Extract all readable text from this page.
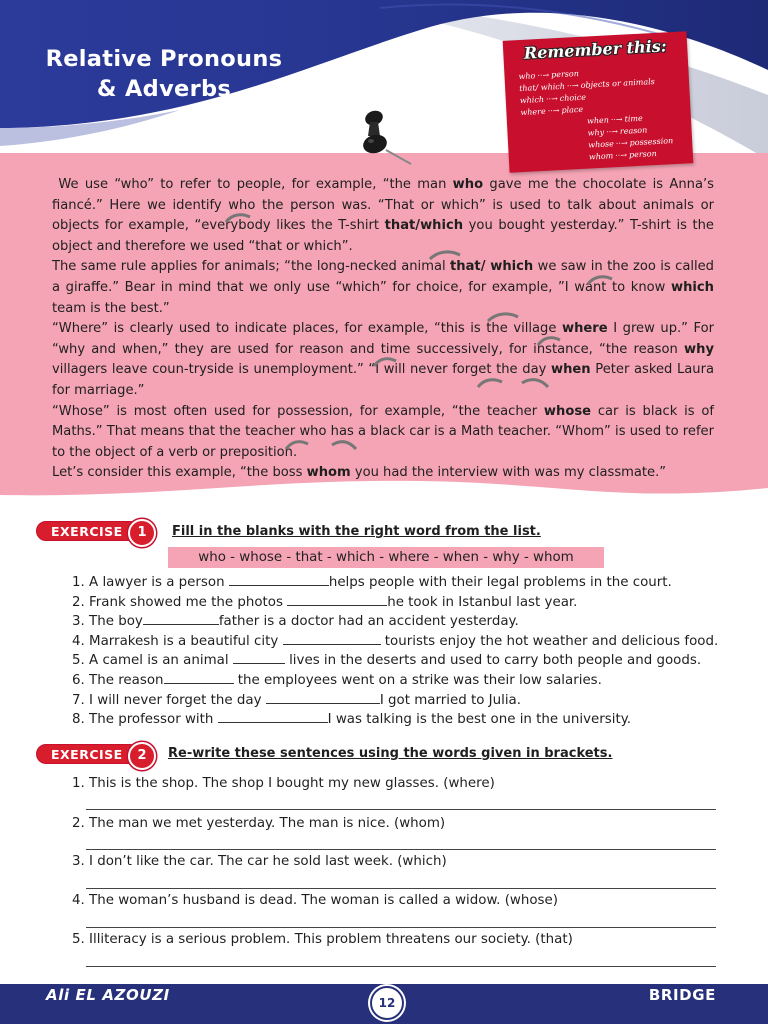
Relative Pronouns
& Adverbs
Remember this:
who ··→ person
that/ which ··→ objects or animals
which ··→ choice
where ··→ place
when ··→ time
why ··→ reason
whose ··→ possession
whom ··→ person

We use “who” to refer to people, for example, “the man who gave me the chocolate is Anna’s fiancé.” Here we identify who the person was. “That or which” is used to talk about animals or objects for example, “everybody likes the T-shirt that/which you bought yesterday.” T-shirt is the object and therefore we used “that or which”.

The same rule applies for animals; “the long-necked animal that/ which we saw in the zoo is called a giraffe.” Bear in mind that we only use “which” for choice, for example, ”I want to know which team is the best.”

“Where” is clearly used to indicate places, for example, “this is the village where I grew up.” For “why and when,” they are used for reason and time successively, for instance, “the reason why villagers leave coun-tryside is unemployment.” “I will never forget the day when Peter asked Laura for marriage.”

“Whose” is most often used for possession, for example, “the teacher whose car is black is of Maths.” That means that the teacher who has a black car is a Math teacher. “Whom” is used to refer to the object of a verb or preposition.

Let’s consider this example, “the boss whom you had the interview with was my classmate.”

EXERCISE	1	Fill in the blanks with the right word from the list.
who - whose - that - which - where - when - why - whom
1. A lawyer is a person	helps people with their legal problems in the court.
2. Frank showed me the photos	he took in Istanbul last year.
3. The boy	father is a doctor had an accident yesterday.
4. Marrakesh is a beautiful city	tourists enjoy the hot weather and delicious food.
5. A camel is an animal	lives in the deserts and used to carry both people and goods.
6. The reason	the employees went on a strike was their low salaries.
7. I will never forget the day	I got married to Julia.
8. The professor with	I was talking is the best one in the university.
EXERCISE	2	Re-write these sentences using the words given in brackets.
1. This is the shop. The shop I bought my new glasses. (where)
2. The man we met yesterday. The man is nice. (whom)
3. I don’t like the car. The car he sold last week. (which)
4. The woman’s husband is dead. The woman is called a widow. (whose)
5. Illiteracy is a serious problem. This problem threatens our society. (that)
Ali EL AZOUZI	12	BRIDGE
